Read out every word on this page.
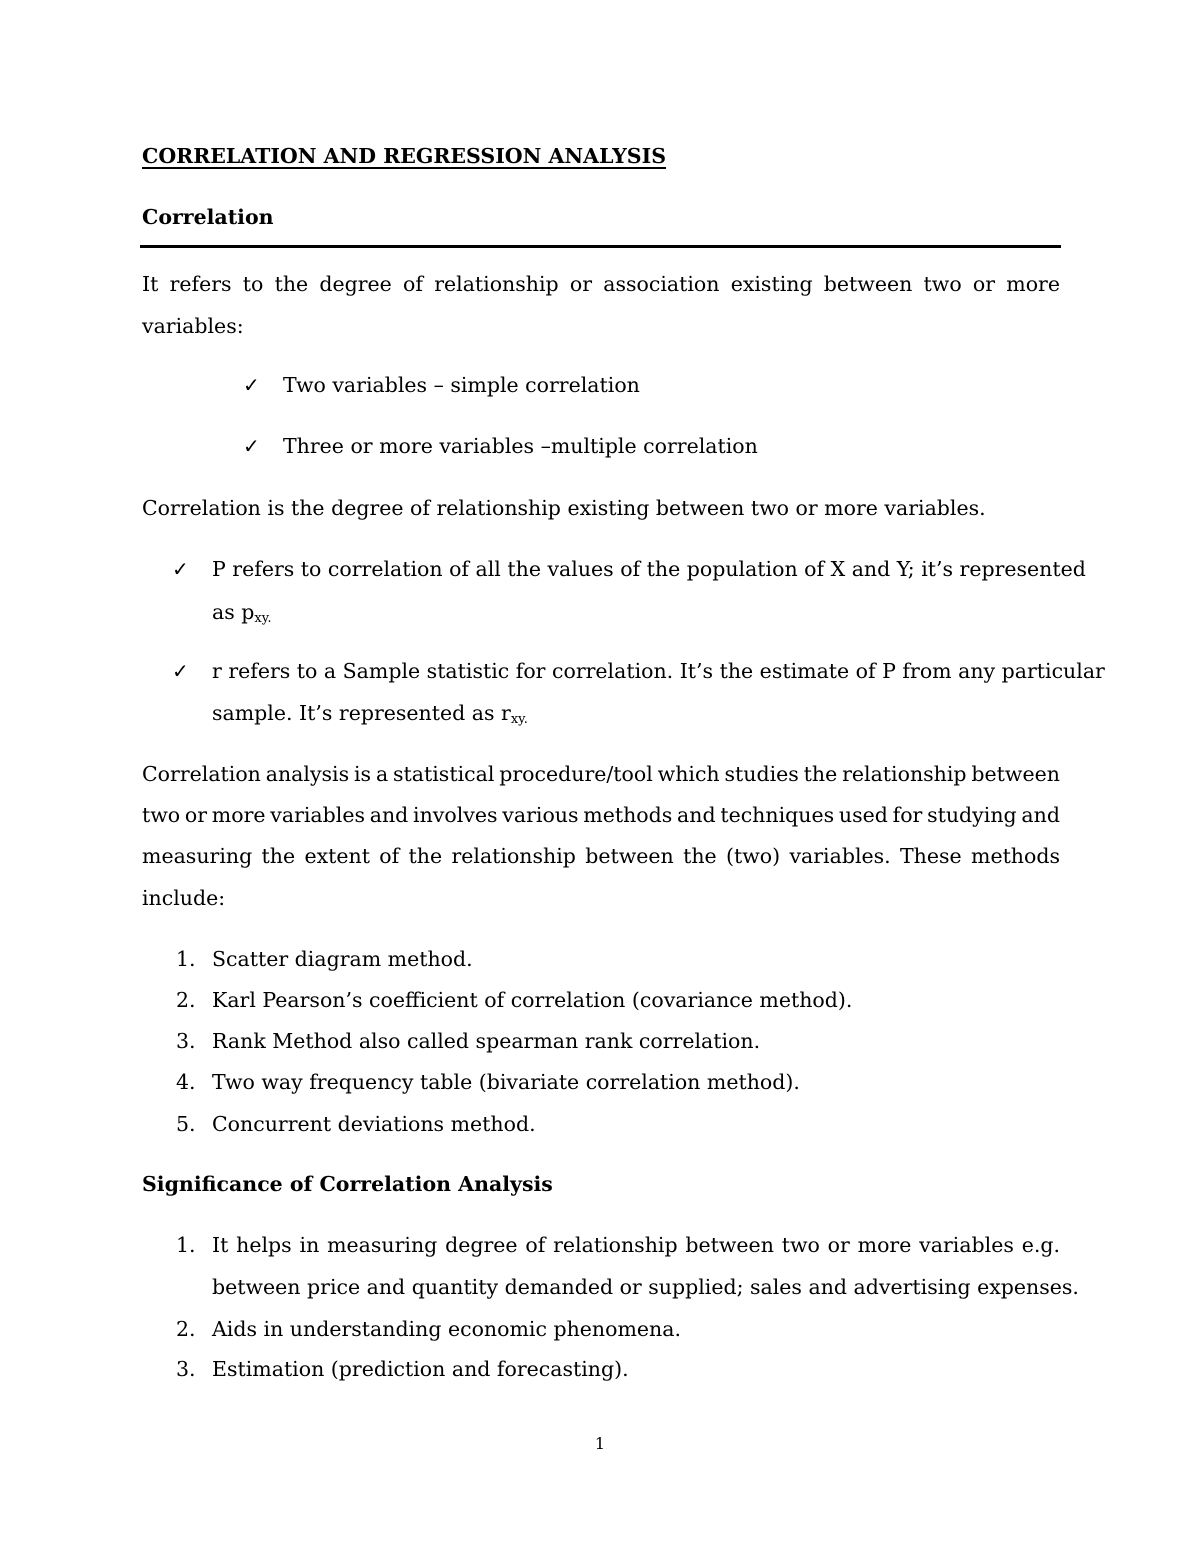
CORRELATION AND REGRESSION ANALYSIS
Correlation
It refers to the degree of relationship or association existing between two or more
variables:
✓ Two variables – simple correlation
✓ Three or more variables –multiple correlation
Correlation is the degree of relationship existing between two or more variables.
✓ P refers to correlation of all the values of the population of X and Y; it’s represented
as $p_{xy.}$
✓ r refers to a Sample statistic for correlation. It’s the estimate of P from any particular
sample. It’s represented as $r_{xy.}$
Correlation analysis is a statistical procedure/tool which studies the relationship between
two or more variables and involves various methods and techniques used for studying and
measuring the extent of the relationship between the (two) variables. These methods
include:
1. Scatter diagram method.
2. Karl Pearson’s coefficient of correlation (covariance method).
3. Rank Method also called spearman rank correlation.
4. Two way frequency table (bivariate correlation method).
5. Concurrent deviations method.
Significance of Correlation Analysis
1. It helps in measuring degree of relationship between two or more variables e.g.
between price and quantity demanded or supplied; sales and advertising expenses.
2. Aids in understanding economic phenomena.
3. Estimation (prediction and forecasting).
1
